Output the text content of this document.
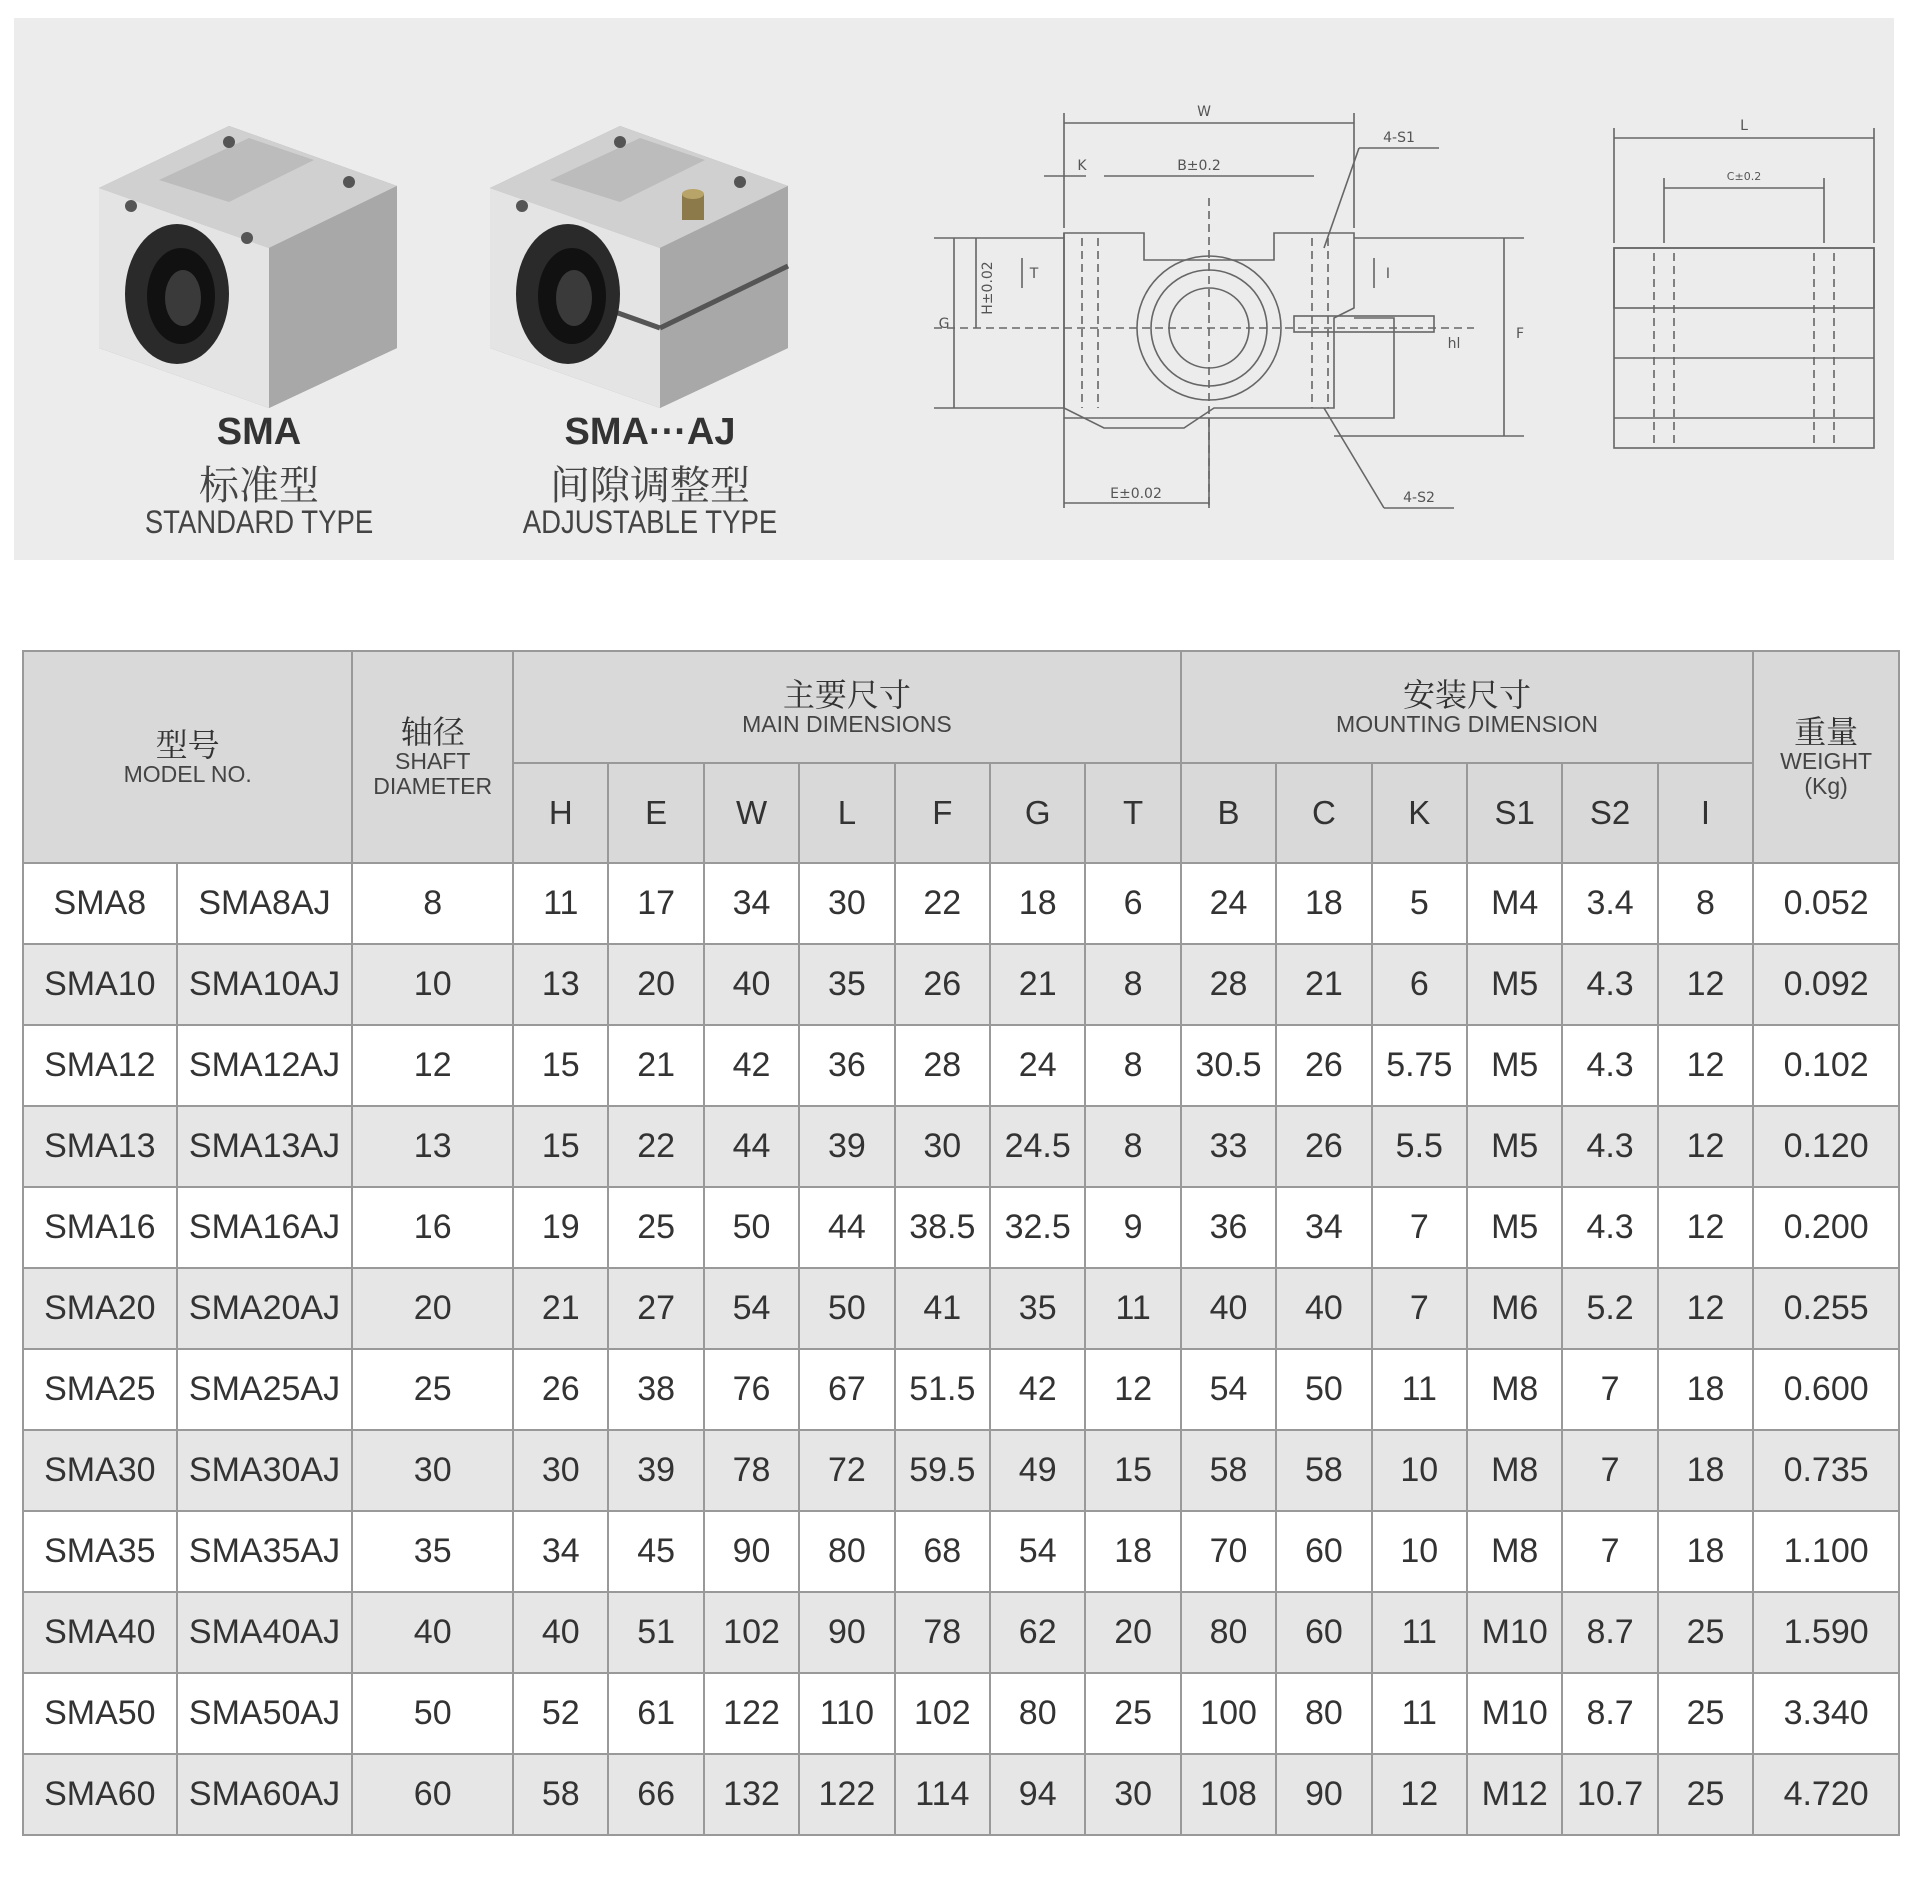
SMA
标准型
STANDARD TYPE
SMA···AJ
间隙调整型
ADJUSTABLE TYPE
W
B±0.2
K
4-S1
4-S2
G
H±0.02 T	I
hl
F
E±0.02
L
C±0.2
型号
MODEL NO.		轴径
SHAFT
DIAMETER	主要尺寸
MAIN DIMENSIONS							安装尺寸
MOUNTING DIMENSION						重量
WEIGHT
(Kg)

			H	E	W	L	F	G	T	B	C	K	S1	S2	I	
SMA8	SMA8AJ	8	11	17	34	30	22	18	6	24	18	5	M4	3.4	8	0.052
SMA10	SMA10AJ	10	13	20	40	35	26	21	8	28	21	6	M5	4.3	12	0.092
SMA12	SMA12AJ	12	15	21	42	36	28	24	8	30.5	26	5.75	M5	4.3	12	0.102
SMA13	SMA13AJ	13	15	22	44	39	30	24.5	8	33	26	5.5	M5	4.3	12	0.120
SMA16	SMA16AJ	16	19	25	50	44	38.5	32.5	9	36	34	7	M5	4.3	12	0.200
SMA20	SMA20AJ	20	21	27	54	50	41	35	11	40	40	7	M6	5.2	12	0.255
SMA25	SMA25AJ	25	26	38	76	67	51.5	42	12	54	50	11	M8	7	18	0.600
SMA30	SMA30AJ	30	30	39	78	72	59.5	49	15	58	58	10	M8	7	18	0.735
SMA35	SMA35AJ	35	34	45	90	80	68	54	18	70	60	10	M8	7	18	1.100
SMA40	SMA40AJ	40	40	51	102	90	78	62	20	80	60	11	M10	8.7	25	1.590
SMA50	SMA50AJ	50	52	61	122	110	102	80	25	100	80	11	M10	8.7	25	3.340
SMA60	SMA60AJ	60	58	66	132	122	114	94	30	108	90	12	M12	10.7	25	4.720
